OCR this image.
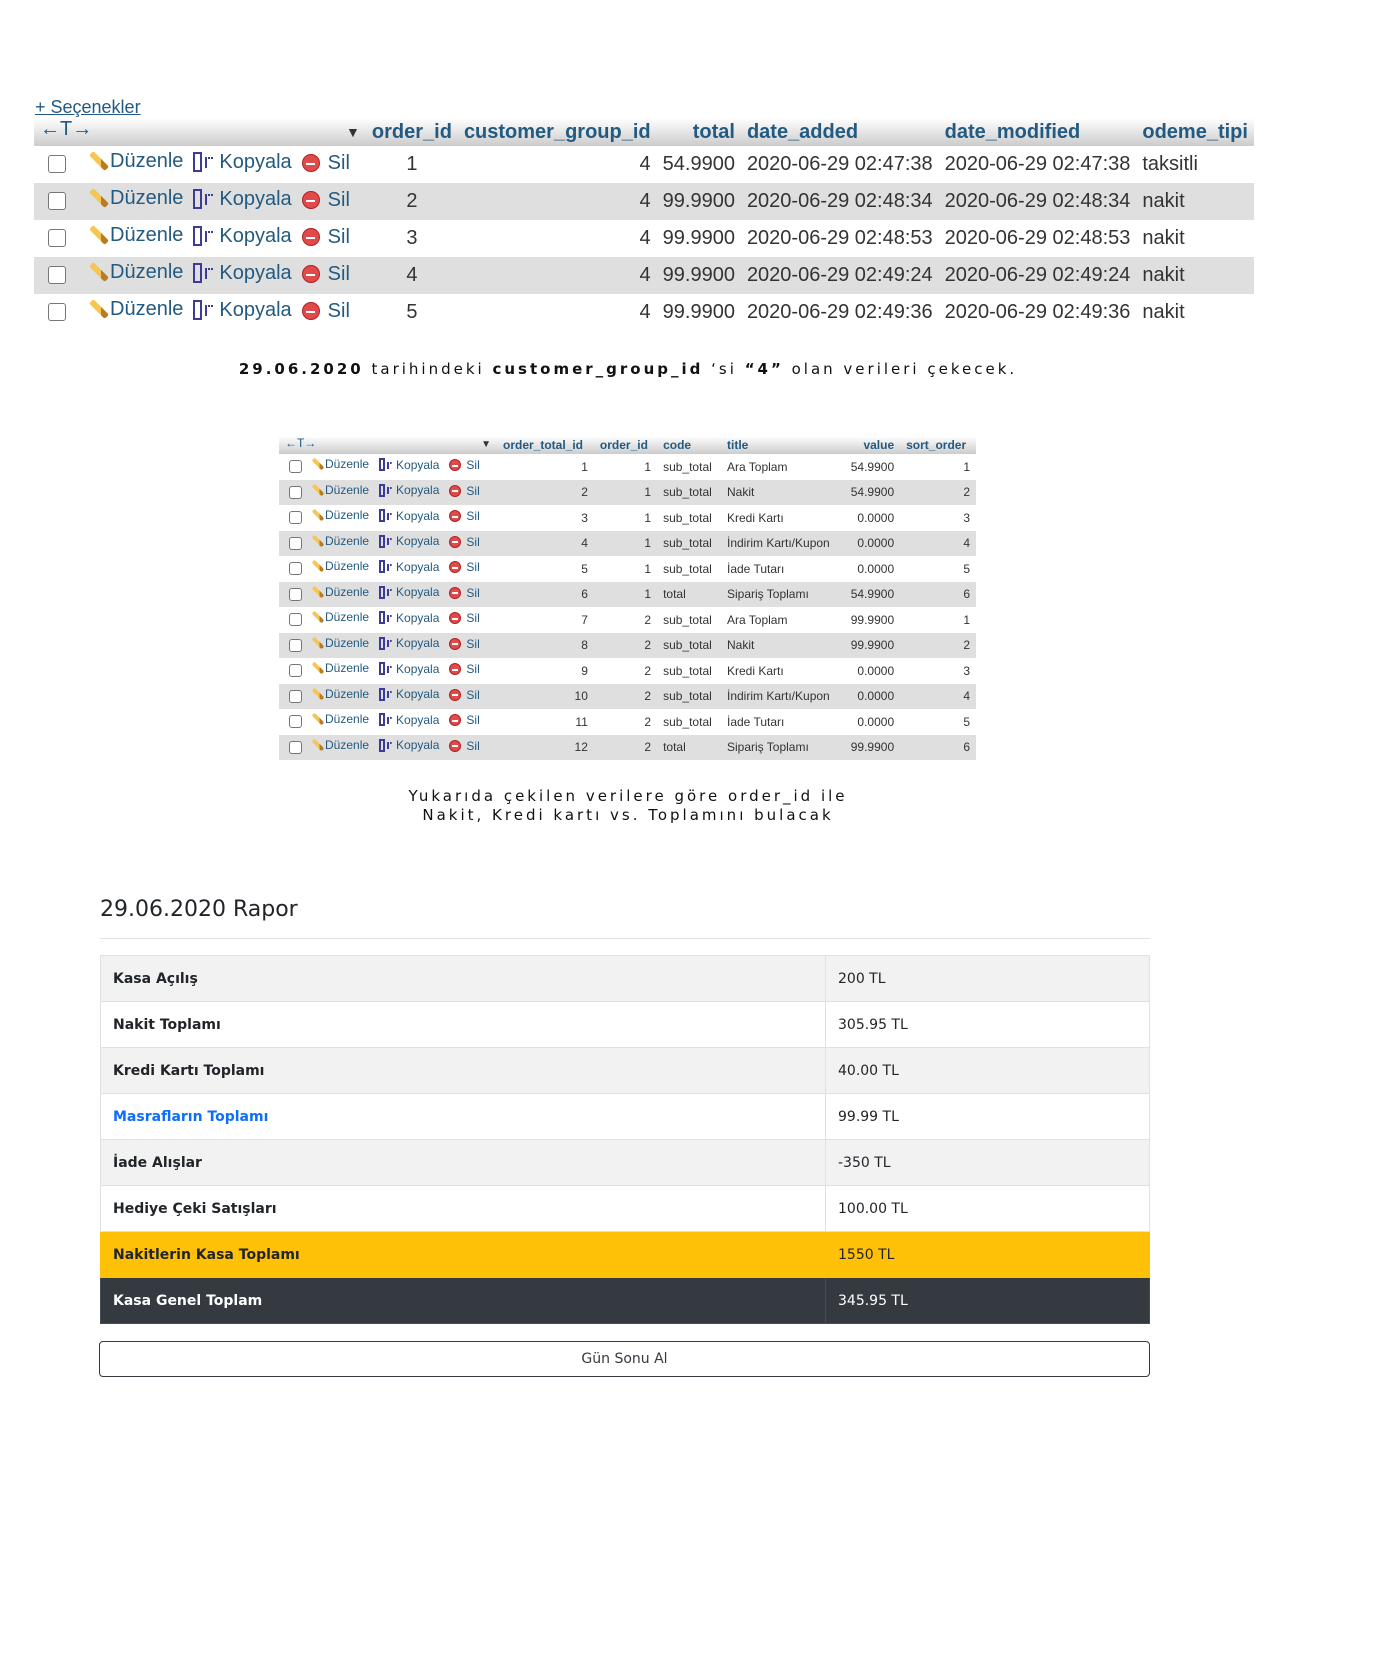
+ Seçenekler
←T→ ▼	order_id	customer_group_id	total	date_added	date_modified	odeme_tipi

Düzenle Kopyala Sil	1	4	54.9900	2020-06-29 02:47:38	2020-06-29 02:47:38	taksitli

Düzenle Kopyala Sil	2	4	99.9900	2020-06-29 02:48:34	2020-06-29 02:48:34	nakit

Düzenle Kopyala Sil	3	4	99.9900	2020-06-29 02:48:53	2020-06-29 02:48:53	nakit

Düzenle Kopyala Sil	4	4	99.9900	2020-06-29 02:49:24	2020-06-29 02:49:24	nakit

Düzenle Kopyala Sil	5	4	99.9900	2020-06-29 02:49:36	2020-06-29 02:49:36	nakit
29.06.2020 tarihindeki customer_group_id ‘si “4” olan verileri çekecek.
←T→ ▼	order_total_id	order_id	code	title	value	sort_order

Düzenle Kopyala Sil	1	1	sub_total	Ara Toplam	54.9900	1

Düzenle Kopyala Sil	2	1	sub_total	Nakit	54.9900	2

Düzenle Kopyala Sil	3	1	sub_total	Kredi Kartı	0.0000	3

Düzenle Kopyala Sil	4	1	sub_total	İndirim Kartı/Kupon	0.0000	4

Düzenle Kopyala Sil	5	1	sub_total	İade Tutarı	0.0000	5

Düzenle Kopyala Sil	6	1	total	Sipariş Toplamı	54.9900	6

Düzenle Kopyala Sil	7	2	sub_total	Ara Toplam	99.9900	1

Düzenle Kopyala Sil	8	2	sub_total	Nakit	99.9900	2

Düzenle Kopyala Sil	9	2	sub_total	Kredi Kartı	0.0000	3

Düzenle Kopyala Sil	10	2	sub_total	İndirim Kartı/Kupon	0.0000	4

Düzenle Kopyala Sil	11	2	sub_total	İade Tutarı	0.0000	5

Düzenle Kopyala Sil	12	2	total	Sipariş Toplamı	99.9900	6
Yukarıda çekilen verilere göre order_id ile
Nakit, Kredi kartı vs. Toplamını bulacak
29.06.2020 Rapor
Kasa Açılış	200 TL
Nakit Toplamı	305.95 TL
Kredi Kartı Toplamı	40.00 TL
Masrafların Toplamı	99.99 TL
İade Alışlar	-350 TL
Hediye Çeki Satışları	100.00 TL
Nakitlerin Kasa Toplamı	1550 TL
Kasa Genel Toplam	345.95 TL
Gün Sonu Al
